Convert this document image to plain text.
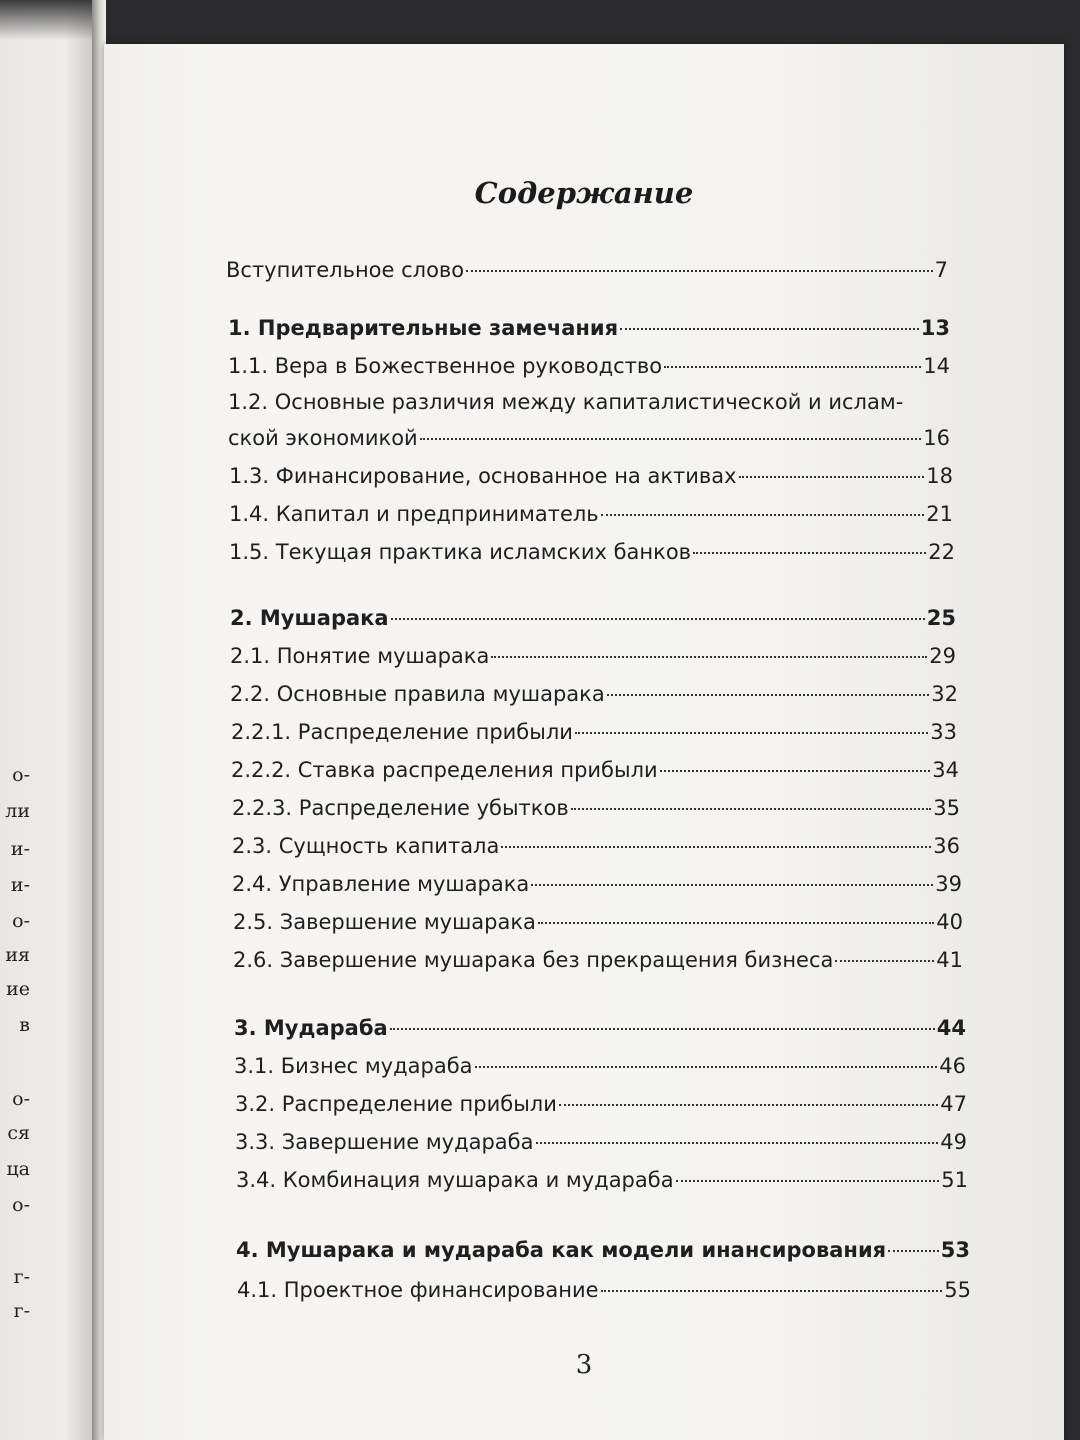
о-
ли
и-
и-
о-
ия
ие
в
о-
ся
ца
о-
г-
г-
Содержание
Вступительное слово	7
1. Предварительные замечания	13
1.1. Вера в Божественное руководство	14
1.2. Основные различия между капиталистической и ислам-
ской экономикой	16
1.3. Финансирование, основанное на активах	18
1.4. Капитал и предприниматель	21
1.5. Текущая практика исламских банков	22
2. Мушарака	25
2.1. Понятие мушарака	29
2.2. Основные правила мушарака	32
2.2.1. Распределение прибыли	33
2.2.2. Ставка распределения прибыли	34
2.2.3. Распределение убытков	35
2.3. Сущность капитала	36
2.4. Управление мушарака	39
2.5. Завершение мушарака	40
2.6. Завершение мушарака без прекращения бизнеса	41
3. Мудараба	44
3.1. Бизнес мудараба	46
3.2. Распределение прибыли	47
3.3. Завершение мудараба	49
3.4. Комбинация мушарака и мудараба	51
4. Мушарака и мудараба как модели инансирования	53
4.1. Проектное финансирование	55
3
